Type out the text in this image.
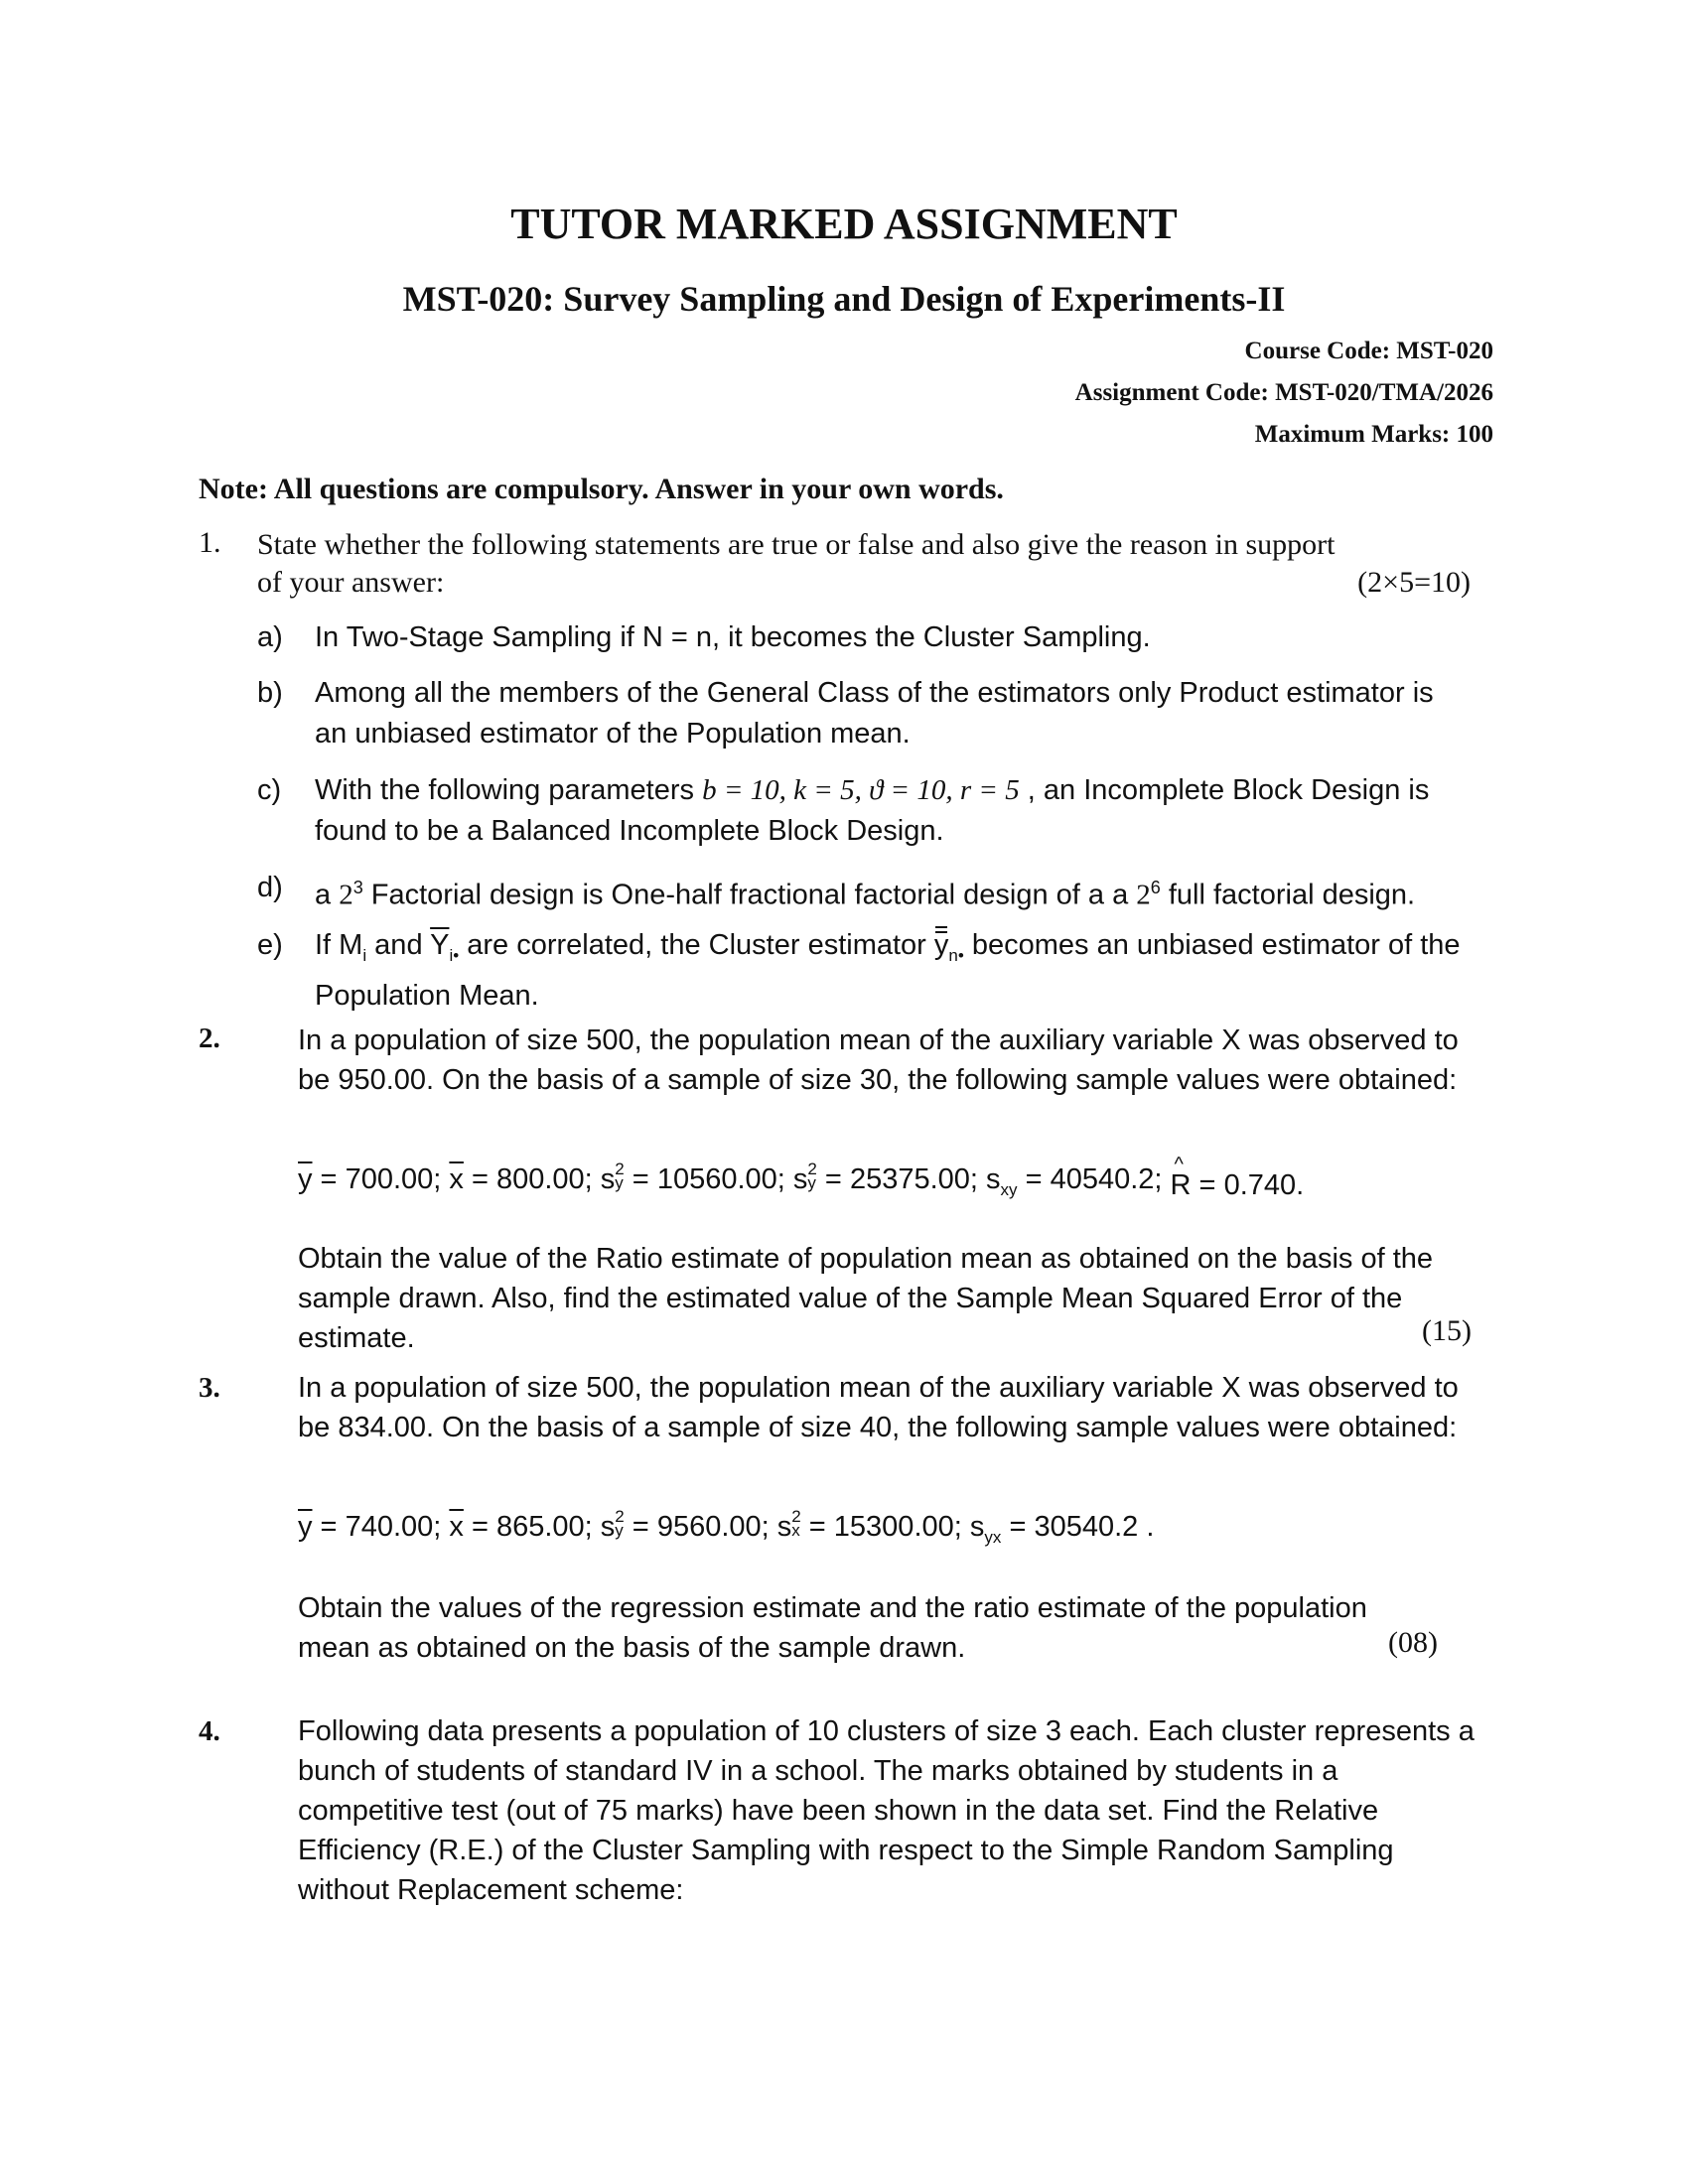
TUTOR MARKED ASSIGNMENT
MST-020: Survey Sampling and Design of Experiments-II
Course Code: MST-020
Assignment Code: MST-020/TMA/2026
Maximum Marks: 100
Note: All questions are compulsory. Answer in your own words.
1. State whether the following statements are true or false and also give the reason in support
of your answer:	(2×5=10)
a) In Two-Stage Sampling if N = n, it becomes the Cluster Sampling.
b) Among all the members of the General Class of the estimators only Product estimator is an unbiased estimator of the Population mean.
c) With the following parameters b = 10, k = 5, ϑ = 10, r = 5 , an Incomplete Block Design is found to be a Balanced Incomplete Block Design.
d) a $2^3$ Factorial design is One-half fractional factorial design of a a $2^6$ full factorial design.
e) If $M_i$ and $\overline{Y}_{i•}$ are correlated, the Cluster estimator $y_{n•}$ becomes an unbiased estimator of the Population Mean.
2.	In a population of size 500, the population mean of the auxiliary variable X was observed to be 950.00. On the basis of a sample of size 30, the following sample values were obtained:
$\overline{y} = 700.00$; $\overline{x} = 800.00$; s 2
y = 10560.00; s 2
y = 25375.00; $s_{xy} = 40540.2$; R
^
= 0.740.
Obtain the value of the Ratio estimate of population mean as obtained on the basis of the sample drawn. Also, find the estimated value of the Sample Mean Squared Error of the estimate.	(15)
3.	In a population of size 500, the population mean of the auxiliary variable X was observed to be 834.00. On the basis of a sample of size 40, the following sample values were obtained:
$\overline{y} = 740.00$; $\overline{x} = 865.00$; s 2
y = 9560.00; s 2
x = 15300.00; $s_{yx} = 30540.2$ .
Obtain the values of the regression estimate and the ratio estimate of the population mean as obtained on the basis of the sample drawn.	(08)
4.	Following data presents a population of 10 clusters of size 3 each. Each cluster represents a bunch of students of standard IV in a school. The marks obtained by students in a competitive test (out of 75 marks) have been shown in the data set. Find the Relative Efficiency (R.E.) of the Cluster Sampling with respect to the Simple Random Sampling without Replacement scheme:
